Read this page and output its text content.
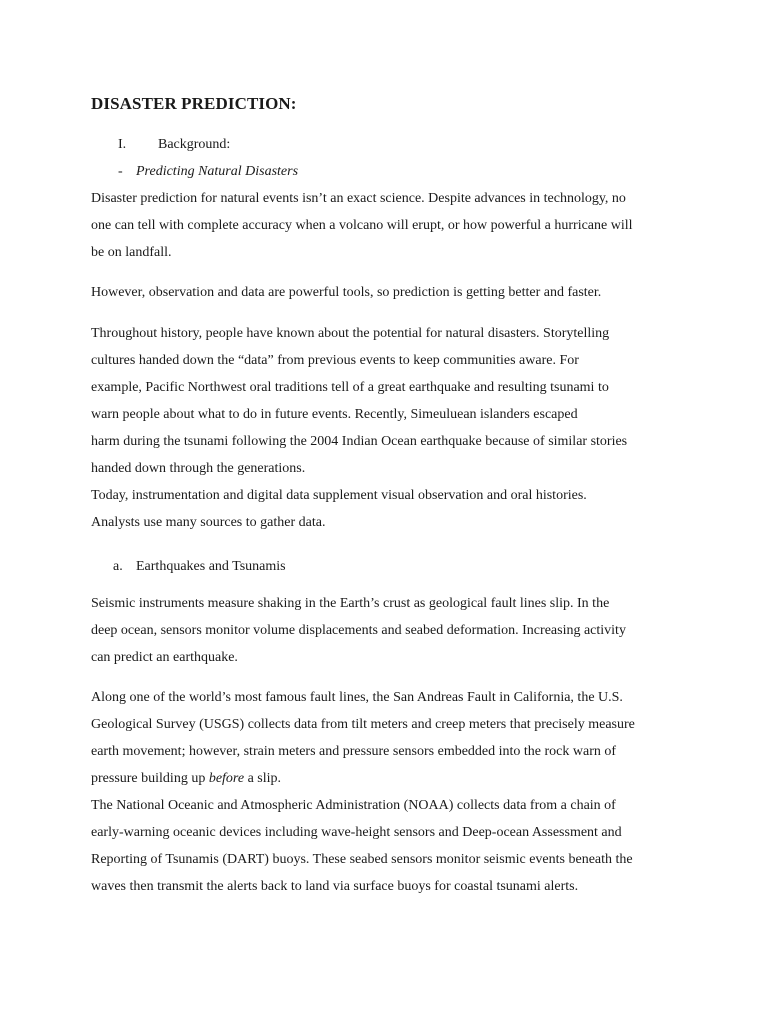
DISASTER PREDICTION:
I. Background:
- Predicting Natural Disasters
Disaster prediction for natural events isn’t an exact science. Despite advances in technology, no
one can tell with complete accuracy when a volcano will erupt, or how powerful a hurricane will
be on landfall.
However, observation and data are powerful tools, so prediction is getting better and faster.
Throughout history, people have known about the potential for natural disasters. Storytelling
cultures handed down the “data” from previous events to keep communities aware. For
example, Pacific Northwest oral traditions tell of a great earthquake and resulting tsunami to
warn people about what to do in future events. Recently, Simeuluean islanders escaped
harm during the tsunami following the 2004 Indian Ocean earthquake because of similar stories
handed down through the generations.
Today, instrumentation and digital data supplement visual observation and oral histories.
Analysts use many sources to gather data.
a. Earthquakes and Tsunamis
Seismic instruments measure shaking in the Earth’s crust as geological fault lines slip. In the
deep ocean, sensors monitor volume displacements and seabed deformation. Increasing activity
can predict an earthquake.
Along one of the world’s most famous fault lines, the San Andreas Fault in California, the U.S.
Geological Survey (USGS) collects data from tilt meters and creep meters that precisely measure
earth movement; however, strain meters and pressure sensors embedded into the rock warn of
pressure building up before a slip.
The National Oceanic and Atmospheric Administration (NOAA) collects data from a chain of
early-warning oceanic devices including wave-height sensors and Deep-ocean Assessment and
Reporting of Tsunamis (DART) buoys. These seabed sensors monitor seismic events beneath the
waves then transmit the alerts back to land via surface buoys for coastal tsunami alerts.
